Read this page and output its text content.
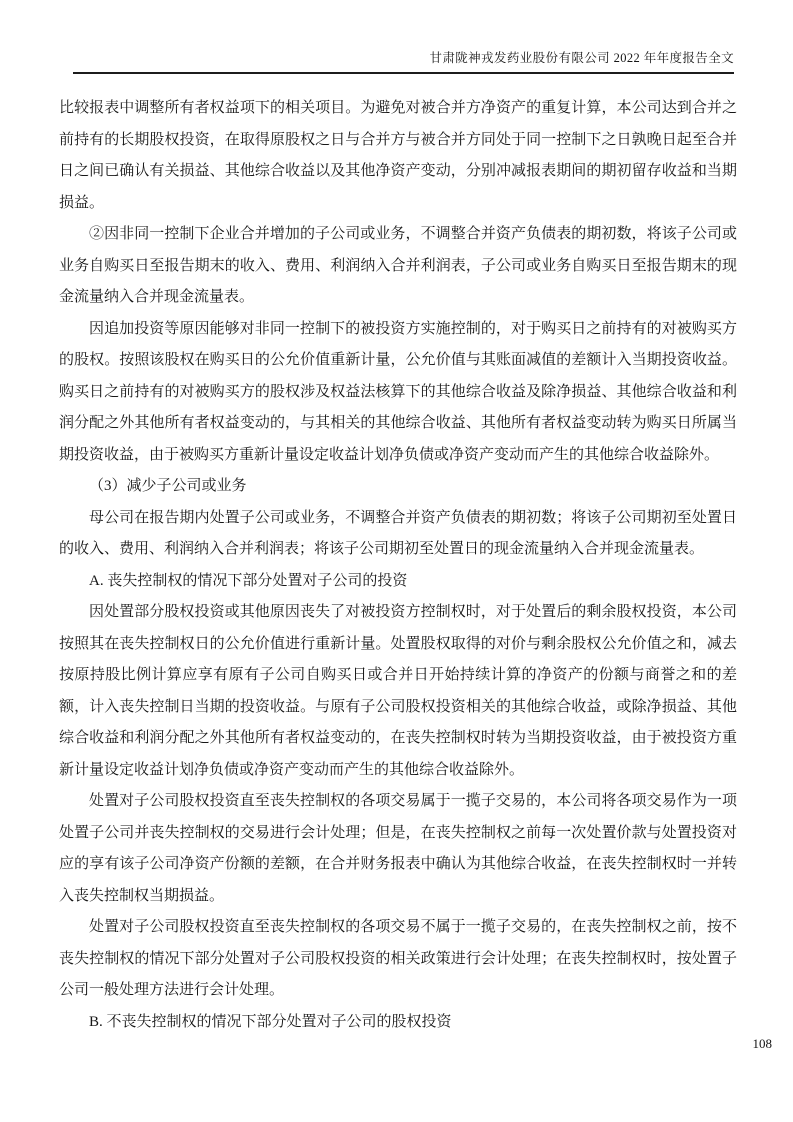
甘肃陇神戎发药业股份有限公司 2022 年年度报告全文

比较报表中调整所有者权益项下的相关项目。为避免对被合并方净资产的重复计算，本公司达到合并之前持有的长期股权投资，在取得原股权之日与合并方与被合并方同处于同一控制下之日孰晚日起至合并日之间已确认有关损益、其他综合收益以及其他净资产变动，分别冲减报表期间的期初留存收益和当期损益。

②因非同一控制下企业合并增加的子公司或业务，不调整合并资产负债表的期初数，将该子公司或业务自购买日至报告期末的收入、费用、利润纳入合并利润表，子公司或业务自购买日至报告期末的现金流量纳入合并现金流量表。

因追加投资等原因能够对非同一控制下的被投资方实施控制的，对于购买日之前持有的对被购买方的股权。按照该股权在购买日的公允价值重新计量，公允价值与其账面减值的差额计入当期投资收益。购买日之前持有的对被购买方的股权涉及权益法核算下的其他综合收益及除净损益、其他综合收益和利润分配之外其他所有者权益变动的，与其相关的其他综合收益、其他所有者权益变动转为购买日所属当期投资收益，由于被购买方重新计量设定收益计划净负债或净资产变动而产生的其他综合收益除外。

（3）减少子公司或业务

母公司在报告期内处置子公司或业务，不调整合并资产负债表的期初数；将该子公司期初至处置日的收入、费用、利润纳入合并利润表；将该子公司期初至处置日的现金流量纳入合并现金流量表。

A. 丧失控制权的情况下部分处置对子公司的投资

因处置部分股权投资或其他原因丧失了对被投资方控制权时，对于处置后的剩余股权投资，本公司按照其在丧失控制权日的公允价值进行重新计量。处置股权取得的对价与剩余股权公允价值之和，减去按原持股比例计算应享有原有子公司自购买日或合并日开始持续计算的净资产的份额与商誉之和的差额，计入丧失控制日当期的投资收益。与原有子公司股权投资相关的其他综合收益，或除净损益、其他综合收益和利润分配之外其他所有者权益变动的，在丧失控制权时转为当期投资收益，由于被投资方重新计量设定收益计划净负债或净资产变动而产生的其他综合收益除外。

处置对子公司股权投资直至丧失控制权的各项交易属于一揽子交易的，本公司将各项交易作为一项处置子公司并丧失控制权的交易进行会计处理；但是，在丧失控制权之前每一次处置价款与处置投资对应的享有该子公司净资产份额的差额，在合并财务报表中确认为其他综合收益，在丧失控制权时一并转入丧失控制权当期损益。

处置对子公司股权投资直至丧失控制权的各项交易不属于一揽子交易的，在丧失控制权之前，按不丧失控制权的情况下部分处置对子公司股权投资的相关政策进行会计处理；在丧失控制权时，按处置子公司一般处理方法进行会计处理。

B. 不丧失控制权的情况下部分处置对子公司的股权投资

108
